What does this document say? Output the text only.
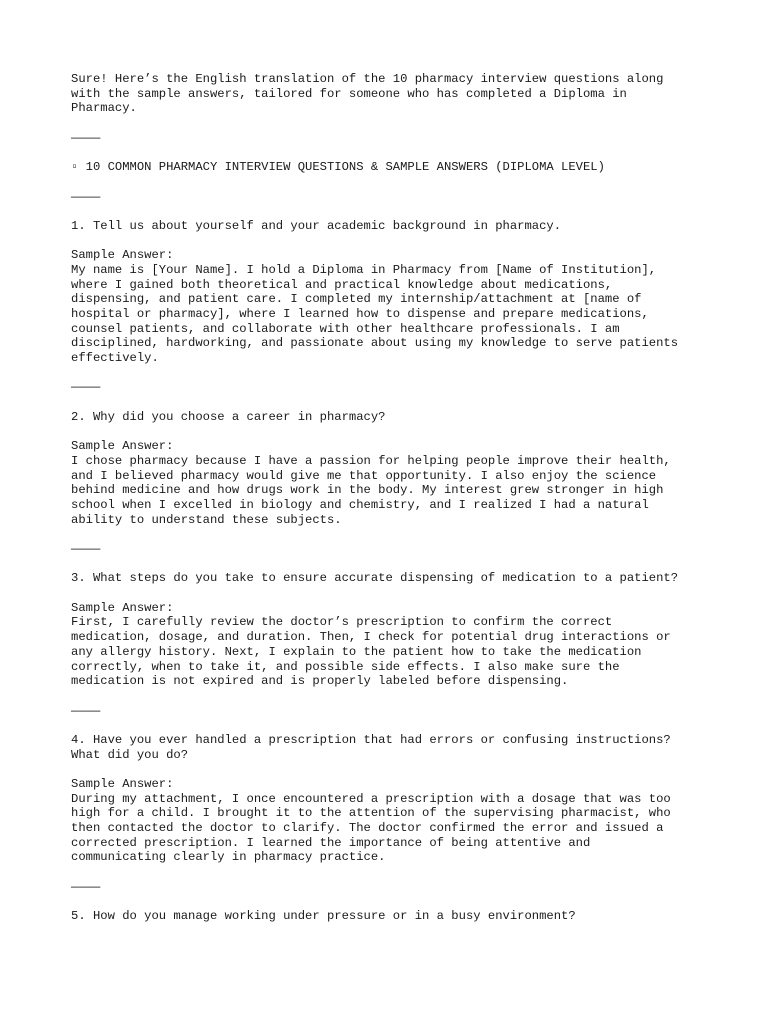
Sure! Here’s the English translation of the 10 pharmacy interview questions along
with the sample answers, tailored for someone who has completed a Diploma in
Pharmacy.
————
▫ 10 COMMON PHARMACY INTERVIEW QUESTIONS & SAMPLE ANSWERS (DIPLOMA LEVEL)
————
1. Tell us about yourself and your academic background in pharmacy.
Sample Answer:
My name is [Your Name]. I hold a Diploma in Pharmacy from [Name of Institution],
where I gained both theoretical and practical knowledge about medications,
dispensing, and patient care. I completed my internship/attachment at [name of
hospital or pharmacy], where I learned how to dispense and prepare medications,
counsel patients, and collaborate with other healthcare professionals. I am
disciplined, hardworking, and passionate about using my knowledge to serve patients
effectively.
————
2. Why did you choose a career in pharmacy?
Sample Answer:
I chose pharmacy because I have a passion for helping people improve their health,
and I believed pharmacy would give me that opportunity. I also enjoy the science
behind medicine and how drugs work in the body. My interest grew stronger in high
school when I excelled in biology and chemistry, and I realized I had a natural
ability to understand these subjects.
————
3. What steps do you take to ensure accurate dispensing of medication to a patient?
Sample Answer:
First, I carefully review the doctor’s prescription to confirm the correct
medication, dosage, and duration. Then, I check for potential drug interactions or
any allergy history. Next, I explain to the patient how to take the medication
correctly, when to take it, and possible side effects. I also make sure the
medication is not expired and is properly labeled before dispensing.
————
4. Have you ever handled a prescription that had errors or confusing instructions?
What did you do?
Sample Answer:
During my attachment, I once encountered a prescription with a dosage that was too
high for a child. I brought it to the attention of the supervising pharmacist, who
then contacted the doctor to clarify. The doctor confirmed the error and issued a
corrected prescription. I learned the importance of being attentive and
communicating clearly in pharmacy practice.
————
5. How do you manage working under pressure or in a busy environment?
